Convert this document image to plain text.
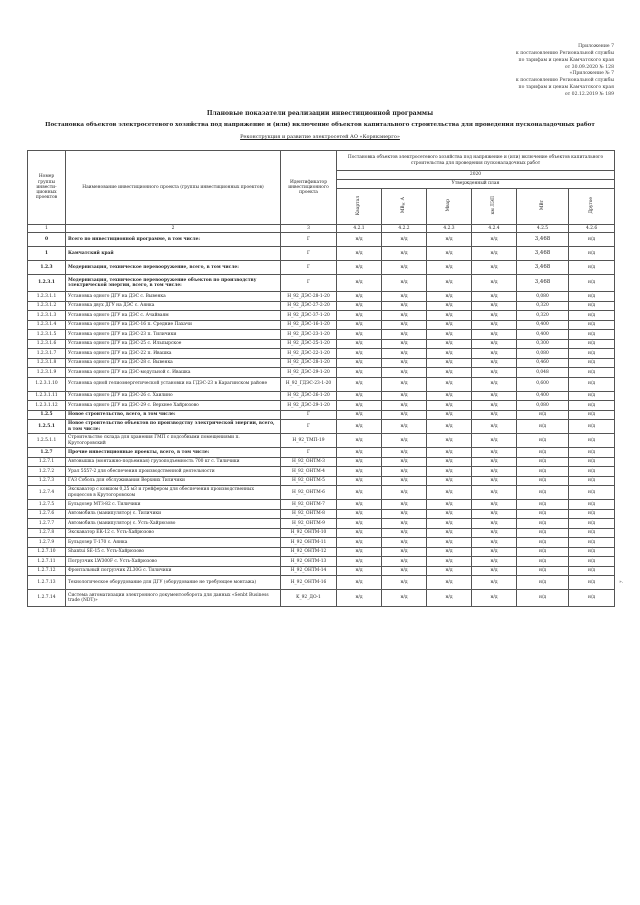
Приложение 7
к постановлению Региональной службы
по тарифам и ценам Камчатского края
от 30.09.2020 № 128
«Приложение № 7
к постановлению Региональной службы
по тарифам и ценам Камчатского края
от 02.12.2019 № 189
Плановые показатели реализации инвестиционной программы
Постановка объектов электросетевого хозяйства под напряжение и (или) включение объектов капитального строительства для проведения пусконаладочных работ
Реконструкция и развитие электросетей АО «Корякэнерго»
Номер группы инвести-ционных проектов	Наименование инвестиционного проекта (группы инвестиционных проектов)	Идентификатор инвестиционного проекта	Постановка объектов электросетевого хозяйства под напряжение и (или) включение объектов капитального строительства для проведения пусконаладочных работ					
			2020					
			Утвержденный план					
			Квартал	МВ×А	Мвар	км ЛЭП	МВт	Другое
1	2	3	4.2.1	4.2.2	4.2.3	4.2.4	4.2.5	4.2.6
0	Всего по инвестиционной программе, в том числе:	Г	н/д	н/д	н/д	н/д	3,468	н/д
1	Камчатский край	Г	н/д	н/д	н/д	н/д	3,468	н/д
1.2.3	Модернизация, техническое перевооружение, всего, в том числе:	Г	н/д	н/д	н/д	н/д	3,468	н/д
1.2.3.1	Модернизация, техническое перевооружение объектов по производству электрической энергии, всего, в том числе:	Г	н/д	н/д	н/д	н/д	3,468	н/д
1.2.3.1.1	Установка одного ДГУ на ДЭС с. Вывенка	H_92_ДЭС-28-1-20	н/д	н/д	н/д	н/д	0,080	н/д
1.2.3.1.2	Установка двух ДГУ на ДЭС с. Аянка	H_92_ДЭС-27-2-20	н/д	н/д	н/д	н/д	0,320	н/д
1.2.3.1.3	Установка одного ДГУ на ДЭС с. Ачайваям	H_92_ДЭС-37-1-20	н/д	н/д	н/д	н/д	0,320	н/д
1.2.3.1.4	Установка одного ДГУ на ДЭС-16 п. Средние Пахачи	H_92_ДЭС-16-1-20	н/д	н/д	н/д	н/д	0,400	н/д
1.2.3.1.5	Установка одного ДГУ на ДЭС-23 п. Тиличики	H_92_ДЭС-23-1-20	н/д	н/д	н/д	н/д	0,400	н/д
1.2.3.1.6	Установка одного ДГУ на ДЭС-25 с. Ильпырское	H_92_ДЭС-25-1-20	н/д	н/д	н/д	н/д	0,300	н/д
1.2.3.1.7	Установка одного ДГУ на ДЭС-22 п. Ивашка	H_92_ДЭС-22-1-20	н/д	н/д	н/д	н/д	0,080	н/д
1.2.3.1.8	Установка одного ДГУ на ДЭС-28 с. Вывенка	H_92_ДЭС-28-1-20	н/д	н/д	н/д	н/д	0,460	н/д
1.2.3.1.9	Установка одного ДГУ на ДЭС-модульной с. Ивашка	H_92_ДЭС-29-1-20	н/д	н/д	н/д	н/д	0,048	н/д
1.2.3.1.10	Установка одной гелиоэнергетической установки на ГДЭС-23 в Карагинском районе	H_92_ГДЭС-23-1-20	н/д	н/д	н/д	н/д	0,600	н/д
1.2.3.1.11	Установка одного ДГУ на ДЭС-26 с. Хаилино	H_92_ДЭС-26-1-20	н/д	н/д	н/д	н/д	0,400	н/д
1.2.3.1.12	Установка одного ДГУ на ДЭС-29 с. Верхнее Хайрюзово	H_92_ДЭС-29-1-20	н/д	н/д	н/д	н/д	0,080	н/д
1.2.5	Новое строительство, всего, в том числе:	Г	н/д	н/д	н/д	н/д	н/д	н/д
1.2.5.1	Новое строительство объектов по производству электрической энергии, всего, в том числе:	Г	н/д	н/д	н/д	н/д	н/д	н/д
1.2.5.1.1	Строительство склада для хранения ГМП с подсобными помещениями п. Крутогоровский	H_92_ТМП-19	н/д	н/д	н/д	н/д	н/д	н/д
1.2.7	Прочие инвестиционные проекты, всего, в том числе:	Г	н/д	н/д	н/д	н/д	н/д	н/д
1.2.7.1	Автовышка (монтажно-подъемная) грузоподъемность 700 кг с. Тиличики	H_92_ОНТМ-3	н/д	н/д	н/д	н/д	н/д	н/д
1.2.7.2	Урал 5557-2 для обеспечения производственной деятельности	H_92_ОНТМ-4	н/д	н/д	н/д	н/д	н/д	н/д
1.2.7.3	ГАЗ Соболь для обслуживания Верхних Тиличики	H_92_ОНТМ-5	н/д	н/д	н/д	н/д	н/д	н/д
1.2.7.4	Экскаватор с ковшом 0,25 м3 и грейфером для обеспечения производственных процессов в Крутогоровском	H_92_ОНТМ-6	н/д	н/д	н/д	н/д	н/д	н/д
1.2.7.5	Бульдозер МТЗ-82 с. Тиличики	H_92_ОНТМ-7	н/д	н/д	н/д	н/д	н/д	н/д
1.2.7.6	Автомобиль (манипулятор) с. Тиличики	H_92_ОНТМ-8	н/д	н/д	н/д	н/д	н/д	н/д
1.2.7.7	Автомобиль (манипулятор) с. Усть-Хайрюзово	H_92_ОНТМ-9	н/д	н/д	н/д	н/д	н/д	н/д
1.2.7.8	Экскаватор ЕК-12 с. Усть-Хайрюзово	H_92_ОНТМ-10	н/д	н/д	н/д	н/д	н/д	н/д
1.2.7.9	Бульдозер Т-170 с. Аянка	H_92_ОНТМ-11	н/д	н/д	н/д	н/д	н/д	н/д
1.2.7.10	Shantui SE-15 с. Усть-Хайрюзово	H_92_ОНТМ-12	н/д	н/д	н/д	н/д	н/д	н/д
1.2.7.11	Погрузчик LW300F с. Усть-Хайрюзово	H_92_ОНТМ-13	н/д	н/д	н/д	н/д	н/д	н/д
1.2.7.12	Фронтальный погрузчик ZL30G с. Тиличики	H_92_ОНТМ-14	н/д	н/д	н/д	н/д	н/д	н/д
1.2.7.13	Технологическое оборудование для ДГУ (оборудование не требующее монтажа)	H_92_ОНТМ-16	н/д	н/д	н/д	н/д	н/д	н/д
1.2.7.14	Система автоматизации электронного документооборота для данных «Senbt Business trade (NDT)»	K_92_ДО-1	н/д	н/д	н/д	н/д	н/д	н/д
».
